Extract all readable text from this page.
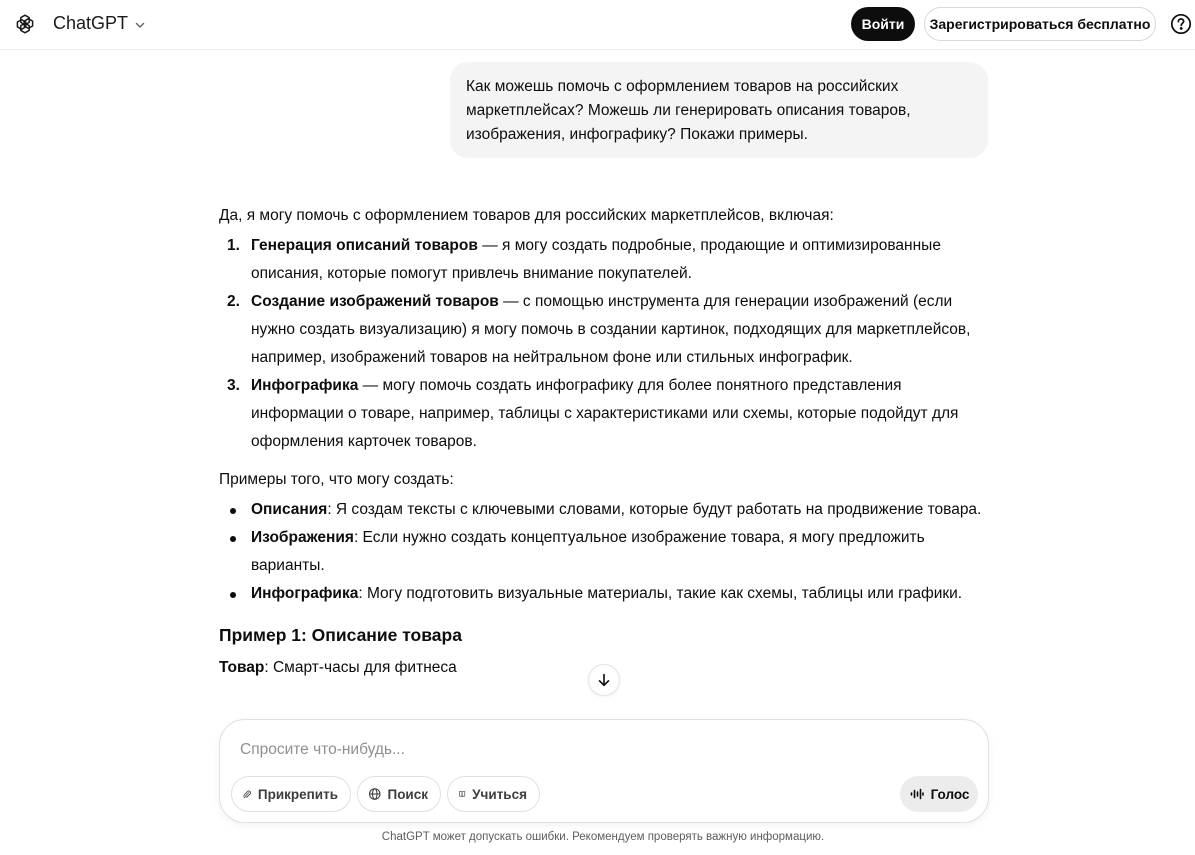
ChatGPT	Войти	Зарегистрироваться бесплатно
Как можешь помочь с оформлением товаров на российских маркетплейсах? Можешь ли генерировать описания товаров, изображения, инфографику? Покажи примеры.

Да, я могу помочь с оформлением товаров для российских маркетплейсов, включая:

1. Генерация описаний товаров — я могу создать подробные, продающие и оптимизированные описания, которые помогут привлечь внимание покупателей.
2. Создание изображений товаров — с помощью инструмента для генерации изображений (если нужно создать визуализацию) я могу помочь в создании картинок, подходящих для маркетплейсов, например, изображений товаров на нейтральном фоне или стильных инфографик.
3. Инфографика — могу помочь создать инфографику для более понятного представления информации о товаре, например, таблицы с характеристиками или схемы, которые подойдут для оформления карточек товаров.

Примеры того, что могу создать:

Описания: Я создам тексты с ключевыми словами, которые будут работать на продвижение товара.
Изображения: Если нужно создать концептуальное изображение товара, я могу предложить варианты.
Инфографика: Могу подготовить визуальные материалы, такие как схемы, таблицы или графики.

Пример 1: Описание товара

Товар: Смарт-часы для фитнеса

Спросите что-нибудь...
Прикрепить	Поиск	Учиться	Голос
ChatGPT может допускать ошибки. Рекомендуем проверять важную информацию.
